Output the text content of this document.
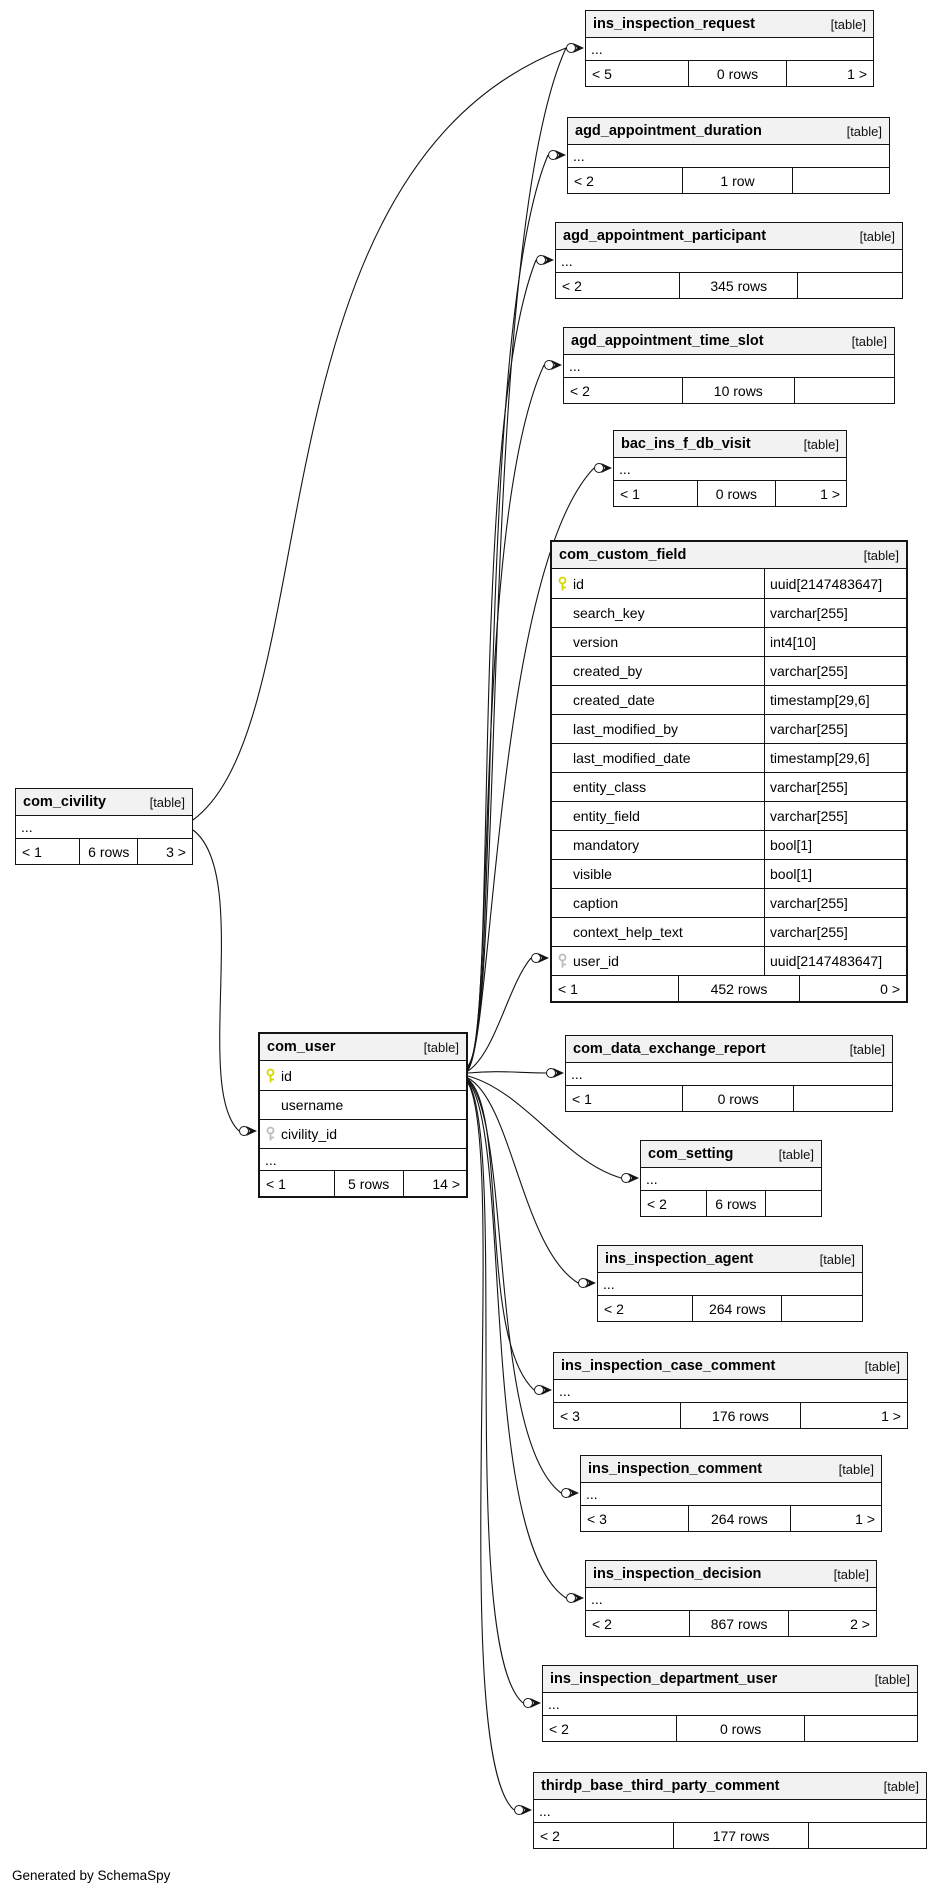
ins_inspection_request	[table]
...
< 5	0 rows	1 >
agd_appointment_duration	[table]
...
< 2	1 row
agd_appointment_participant	[table]
...
< 2	345 rows
agd_appointment_time_slot	[table]
...
< 2	10 rows
bac_ins_f_db_visit	[table]
...
< 1	0 rows	1 >
com_custom_field	[table]
id	uuid[2147483647]
search_key	varchar[255]
version	int4[10]
created_by	varchar[255]
created_date	timestamp[29,6]
last_modified_by	varchar[255]
last_modified_date	timestamp[29,6]
entity_class	varchar[255]
entity_field	varchar[255]
mandatory	bool[1]
visible	bool[1]
caption	varchar[255]
context_help_text	varchar[255]
user_id	uuid[2147483647]
< 1	452 rows	0 >
com_civility	[table]
...
< 1	6 rows	3 >
com_user	[table]
id
username
civility_id
...
< 1	5 rows	14 >
com_data_exchange_report	[table]
...
< 1	0 rows
com_setting	[table]
...
< 2	6 rows
ins_inspection_agent	[table]
...
< 2	264 rows
ins_inspection_case_comment	[table]
...
< 3	176 rows	1 >
ins_inspection_comment	[table]
...
< 3	264 rows	1 >
ins_inspection_decision	[table]
...
< 2	867 rows	2 >
ins_inspection_department_user	[table]
...
< 2	0 rows
thirdp_base_third_party_comment	[table]
...
< 2	177 rows
Generated by SchemaSpy
